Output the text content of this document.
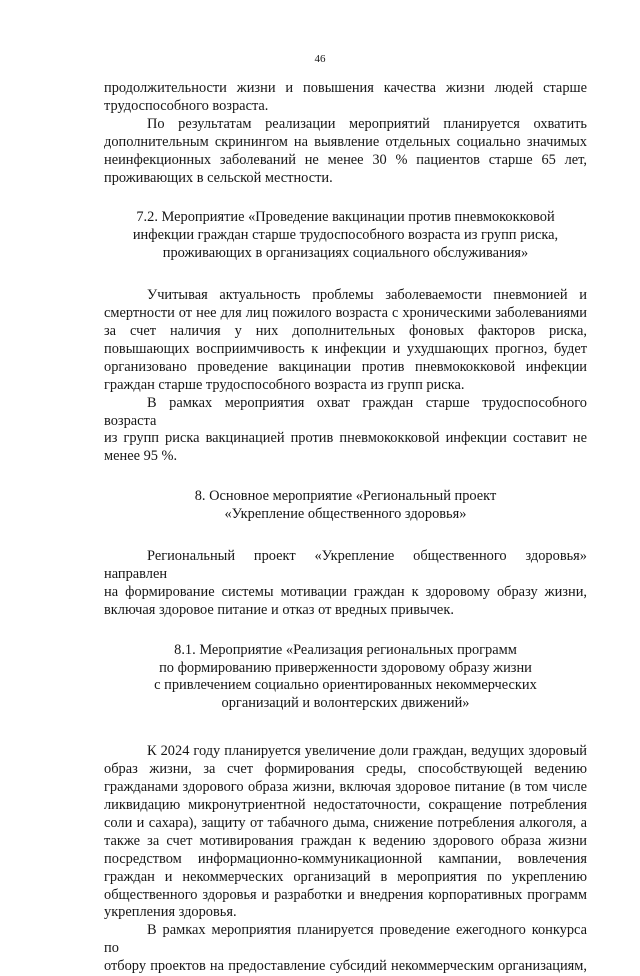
46

продолжительности жизни и повышения качества жизни людей старше

трудоспособного возраста.

По результатам реализации мероприятий планируется охватить

дополнительным скринингом на выявление отдельных социально значимых

неинфекционных заболеваний не менее 30 % пациентов старше 65 лет,

проживающих в сельской местности.

7.2. Мероприятие «Проведение вакцинации против пневмококковой
инфекции граждан старше трудоспособного возраста из групп риска,
проживающих в организациях социального обслуживания»

Учитывая актуальность проблемы заболеваемости пневмонией и

смертности от нее для лиц пожилого возраста с хроническими заболеваниями

за счет наличия у них дополнительных фоновых факторов риска,

повышающих восприимчивость к инфекции и ухудшающих прогноз, будет

организовано проведение вакцинации против пневмококковой инфекции

граждан старше трудоспособного возраста из групп риска.

В рамках мероприятия охват граждан старше трудоспособного возраста

из групп риска вакцинацией против пневмококковой инфекции составит не

менее 95 %.

8. Основное мероприятие «Региональный проект
«Укрепление общественного здоровья»

Региональный проект «Укрепление общественного здоровья» направлен

на формирование системы мотивации граждан к здоровому образу жизни,

включая здоровое питание и отказ от вредных привычек.

8.1. Мероприятие «Реализация региональных программ
по формированию приверженности здоровому образу жизни
с привлечением социально ориентированных некоммерческих
организаций и волонтерских движений»

К 2024 году планируется увеличение доли граждан, ведущих здоровый

образ жизни, за счет формирования среды, способствующей ведению

гражданами здорового образа жизни, включая здоровое питание (в том числе

ликвидацию микронутриентной недостаточности, сокращение потребления

соли и сахара), защиту от табачного дыма, снижение потребления алкоголя, а

также за счет мотивирования граждан к ведению здорового образа жизни

посредством информационно-коммуникационной кампании, вовлечения

граждан и некоммерческих организаций в мероприятия по укреплению

общественного здоровья и разработки и внедрения корпоративных программ

укрепления здоровья.

В рамках мероприятия планируется проведение ежегодного конкурса по

отбору проектов на предоставление субсидий некоммерческим организациям,
